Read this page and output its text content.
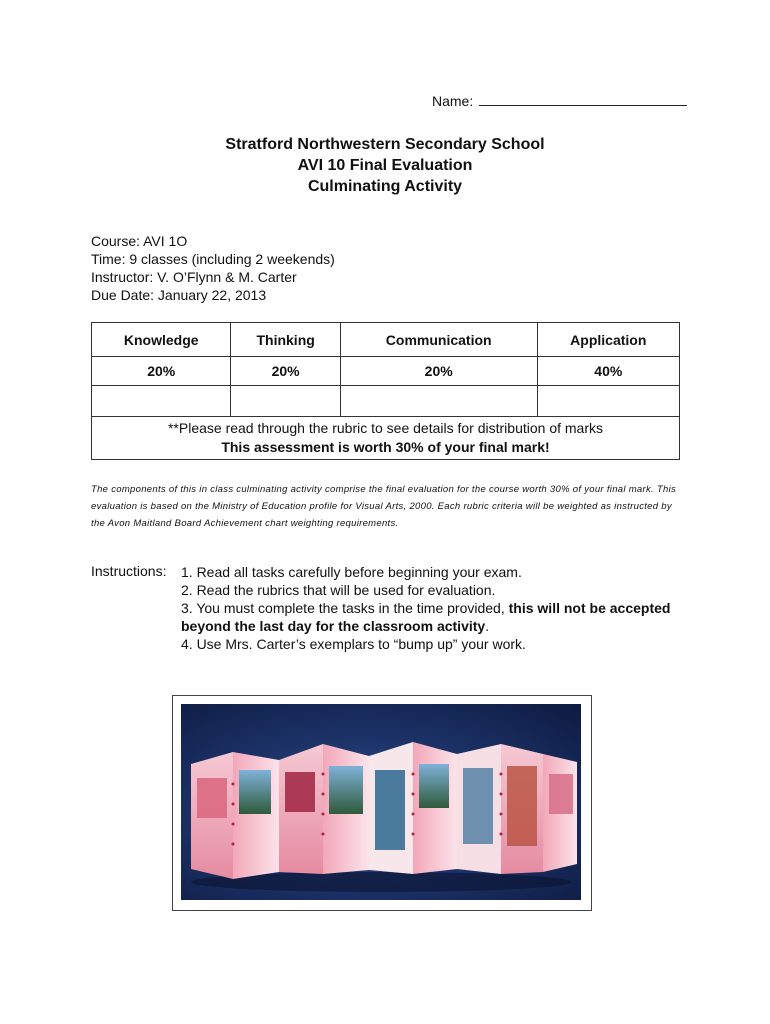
Name:
Stratford Northwestern Secondary School
AVI 10 Final Evaluation
Culminating Activity
Course: AVI 1O
Time: 9 classes (including 2 weekends)
Instructor: V. O’Flynn & M. Carter
Due Date: January 22, 2013
Knowledge	Thinking	Communication	Application
20%	20%	20%	40%

**Please read through the rubric to see details for distribution of marks
This assessment is worth 30% of your final mark!			
The components of this in class culminating activity comprise the final evaluation for the course worth 30% of your final mark. This evaluation is based on the Ministry of Education profile for Visual Arts, 2000. Each rubric criteria will be weighted as instructed by the Avon Maitland Board Achievement chart weighting requirements.
Instructions: 1. Read all tasks carefully before beginning your exam.
2. Read the rubrics that will be used for evaluation.
3. You must complete the tasks in the time provided, this will not be accepted beyond the last day for the classroom activity.
4. Use Mrs. Carter’s exemplars to “bump up” your work.
